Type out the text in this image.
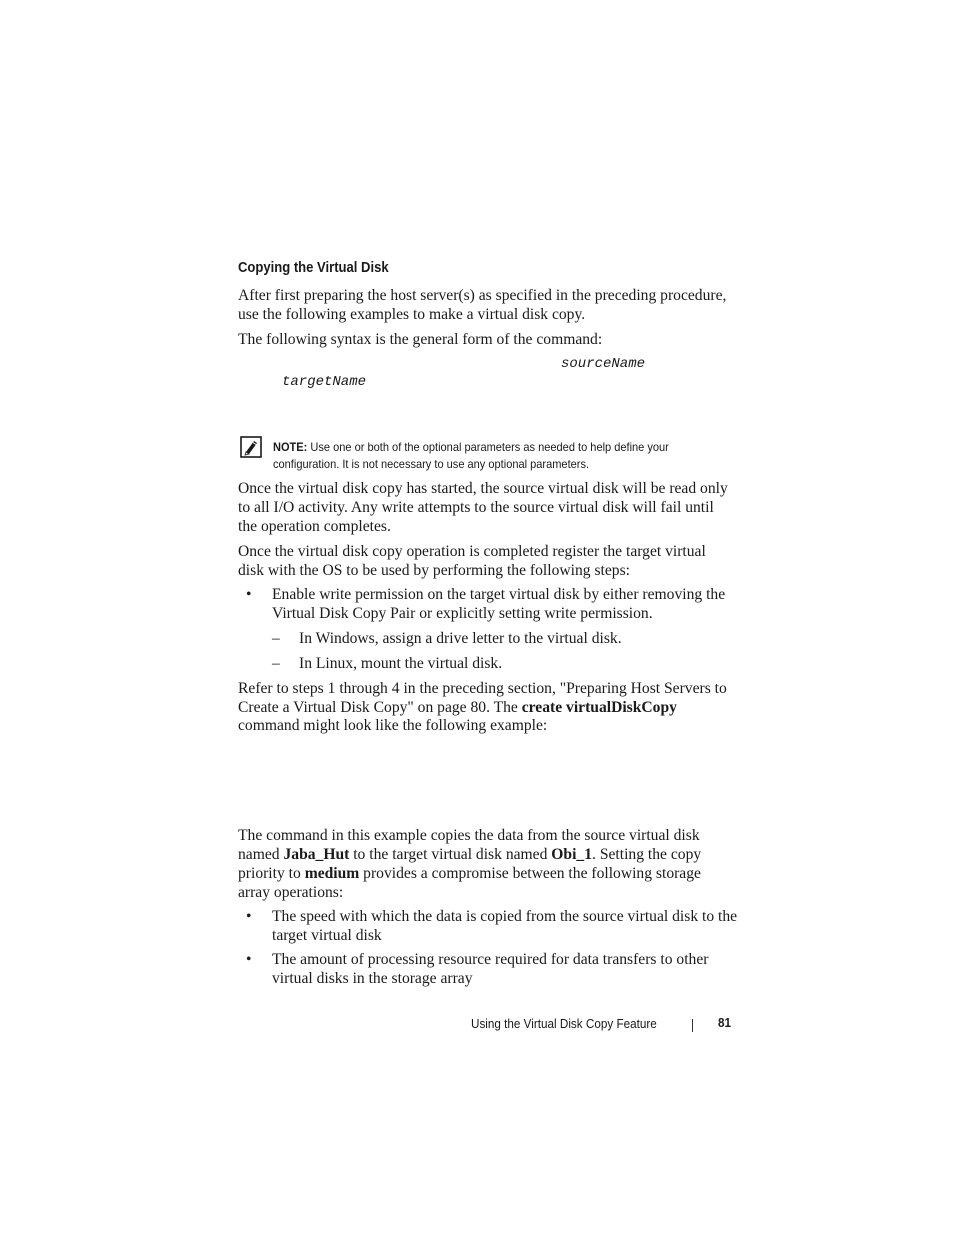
Copying the Virtual Disk

After first preparing the host server(s) as specified in the preceding procedure,

use the following examples to make a virtual disk copy.

The following syntax is the general form of the command:

sourceName
targetName
NOTE: Use one or both of the optional parameters as needed to help define your
configuration. It is not necessary to use any optional parameters.

Once the virtual disk copy has started, the source virtual disk will be read only

to all I/O activity. Any write attempts to the source virtual disk will fail until

the operation completes.

Once the virtual disk copy operation is completed register the target virtual

disk with the OS to be used by performing the following steps:

• Enable write permission on the target virtual disk by either removing the

Virtual Disk Copy Pair or explicitly setting write permission.

– In Windows, assign a drive letter to the virtual disk.

– In Linux, mount the virtual disk.

Refer to steps 1 through 4 in the preceding section, "Preparing Host Servers to

Create a Virtual Disk Copy" on page 80. The create virtualDiskCopy

command might look like the following example:

The command in this example copies the data from the source virtual disk

named Jaba_Hut to the target virtual disk named Obi_1. Setting the copy

priority to medium provides a compromise between the following storage

array operations:

• The speed with which the data is copied from the source virtual disk to the

target virtual disk

• The amount of processing resource required for data transfers to other

virtual disks in the storage array

Using the Virtual Disk Copy Feature	81
